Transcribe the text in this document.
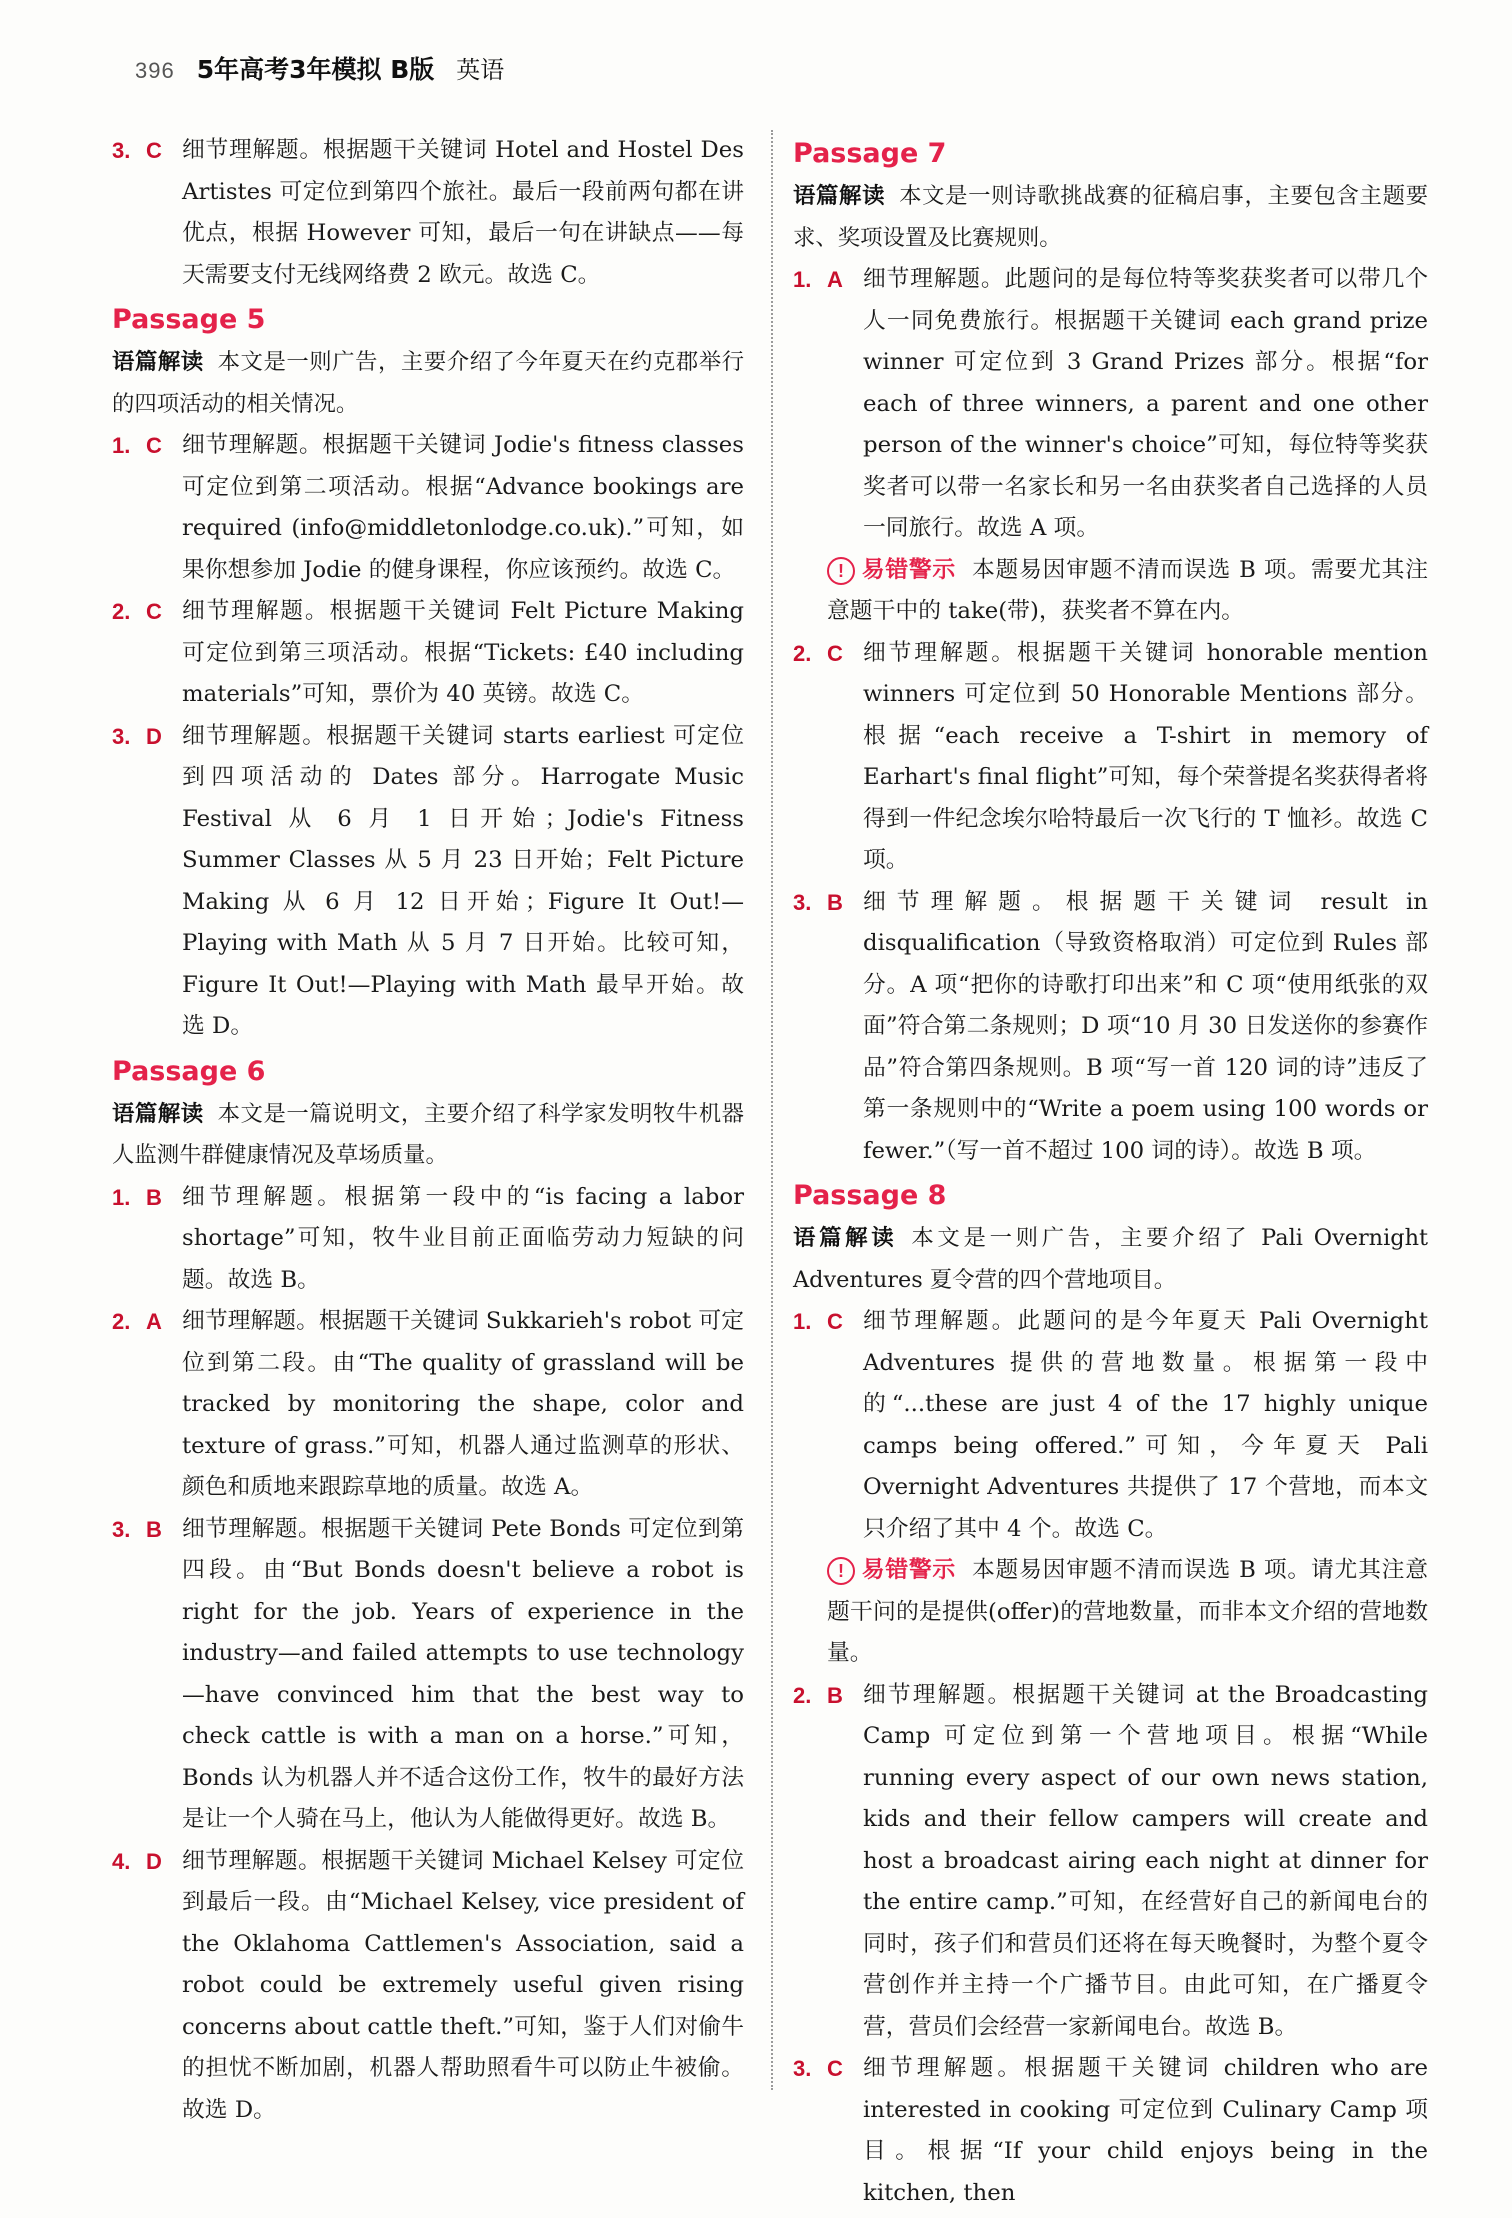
396 5年高考3年模拟 B版 英语
3. C 细节理解题。根据题干关键词 Hotel and Hostel Des Artistes 可定位到第四个旅社。最后一段前两句都在讲优点，根据 However 可知，最后一句在讲缺点——每天需要支付无线网络费 2 欧元。故选 C。
Passage 5
语篇解读 本文是一则广告，主要介绍了今年夏天在约克郡举行的四项活动的相关情况。
1. C 细节理解题。根据题干关键词 Jodie's fitness classes 可定位到第二项活动。根据“Advance bookings are required (info@middletonlodge.co.uk).”可知，如果你想参加 Jodie 的健身课程，你应该预约。故选 C。
2. C 细节理解题。根据题干关键词 Felt Picture Making 可定位到第三项活动。根据“Tickets: £40 including materials”可知，票价为 40 英镑。故选 C。
3. D 细节理解题。根据题干关键词 starts earliest 可定位到四项活动的 Dates 部分。Harrogate Music Festival 从 6 月 1 日开始；Jodie's Fitness Summer Classes 从 5 月 23 日开始；Felt Picture Making 从 6 月 12 日开始；Figure It Out!—Playing with Math 从 5 月 7 日开始。比较可知，Figure It Out!—Playing with Math 最早开始。故选 D。
Passage 6
语篇解读 本文是一篇说明文，主要介绍了科学家发明牧牛机器人监测牛群健康情况及草场质量。
1. B 细节理解题。根据第一段中的“is facing a labor shortage”可知，牧牛业目前正面临劳动力短缺的问题。故选 B。
2. A 细节理解题。根据题干关键词 Sukkarieh's robot 可定位到第二段。由“The quality of grassland will be tracked by monitoring the shape, color and texture of grass.”可知，机器人通过监测草的形状、颜色和质地来跟踪草地的质量。故选 A。
3. B 细节理解题。根据题干关键词 Pete Bonds 可定位到第四段。由“But Bonds doesn't believe a robot is right for the job. Years of experience in the industry—and failed attempts to use technology—have convinced him that the best way to check cattle is with a man on a horse.”可知，Bonds 认为机器人并不适合这份工作，牧牛的最好方法是让一个人骑在马上，他认为人能做得更好。故选 B。
4. D 细节理解题。根据题干关键词 Michael Kelsey 可定位到最后一段。由“Michael Kelsey, vice president of the Oklahoma Cattlemen's Association, said a robot could be extremely useful given rising concerns about cattle theft.”可知，鉴于人们对偷牛的担忧不断加剧，机器人帮助照看牛可以防止牛被偷。故选 D。
Passage 7
语篇解读 本文是一则诗歌挑战赛的征稿启事，主要包含主题要求、奖项设置及比赛规则。
1. A 细节理解题。此题问的是每位特等奖获奖者可以带几个人一同免费旅行。根据题干关键词 each grand prize winner 可定位到 3 Grand Prizes 部分。根据“for each of three winners, a parent and one other person of the winner's choice”可知，每位特等奖获奖者可以带一名家长和另一名由获奖者自己选择的人员一同旅行。故选 A 项。
! 易错警示 本题易因审题不清而误选 B 项。需要尤其注意题干中的 take(带)，获奖者不算在内。
2. C 细节理解题。根据题干关键词 honorable mention winners 可定位到 50 Honorable Mentions 部分。根据“each receive a T-shirt in memory of Earhart's final flight”可知，每个荣誉提名奖获得者将得到一件纪念埃尔哈特最后一次飞行的 T 恤衫。故选 C 项。
3. B 细节理解题。根据题干关键词 result in disqualification（导致资格取消）可定位到 Rules 部分。A 项“把你的诗歌打印出来”和 C 项“使用纸张的双面”符合第二条规则；D 项“10 月 30 日发送你的参赛作品”符合第四条规则。B 项“写一首 120 词的诗”违反了第一条规则中的“Write a poem using 100 words or fewer.”（写一首不超过 100 词的诗）。故选 B 项。
Passage 8
语篇解读 本文是一则广告，主要介绍了 Pali Overnight Adventures 夏令营的四个营地项目。
1. C 细节理解题。此题问的是今年夏天 Pali Overnight Adventures 提供的营地数量。根据第一段中的“...these are just 4 of the 17 highly unique camps being offered.”可知，今年夏天 Pali Overnight Adventures 共提供了 17 个营地，而本文只介绍了其中 4 个。故选 C。
! 易错警示 本题易因审题不清而误选 B 项。请尤其注意题干问的是提供(offer)的营地数量，而非本文介绍的营地数量。
2. B 细节理解题。根据题干关键词 at the Broadcasting Camp 可定位到第一个营地项目。根据“While running every aspect of our own news station, kids and their fellow campers will create and host a broadcast airing each night at dinner for the entire camp.”可知，在经营好自己的新闻电台的同时，孩子们和营员们还将在每天晚餐时，为整个夏令营创作并主持一个广播节目。由此可知，在广播夏令营，营员们会经营一家新闻电台。故选 B。
3. C 细节理解题。根据题干关键词 children who are interested in cooking 可定位到 Culinary Camp 项目。根据“If your child enjoys being in the kitchen, then
